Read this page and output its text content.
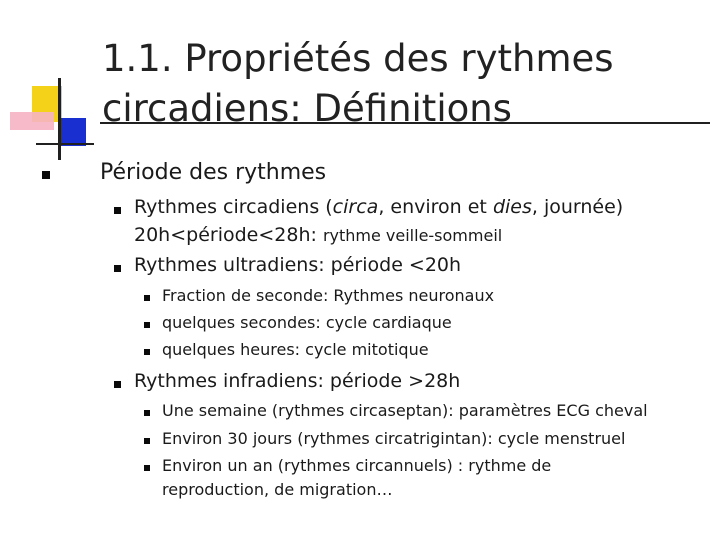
1.1. Propriétés des rythmes
circadiens: Définitions
Période des rythmes
Rythmes circadiens (circa, environ et dies, journée)
20h<période<28h: rythme veille-sommeil
Rythmes ultradiens: période <20h
Fraction de seconde: Rythmes neuronaux
quelques secondes: cycle cardiaque
quelques heures: cycle mitotique
Rythmes infradiens: période >28h
Une semaine (rythmes circaseptan): paramètres ECG cheval
Environ 30 jours (rythmes circatrigintan): cycle menstruel
Environ un an (rythmes circannuels) : rythme de
reproduction, de migration…
